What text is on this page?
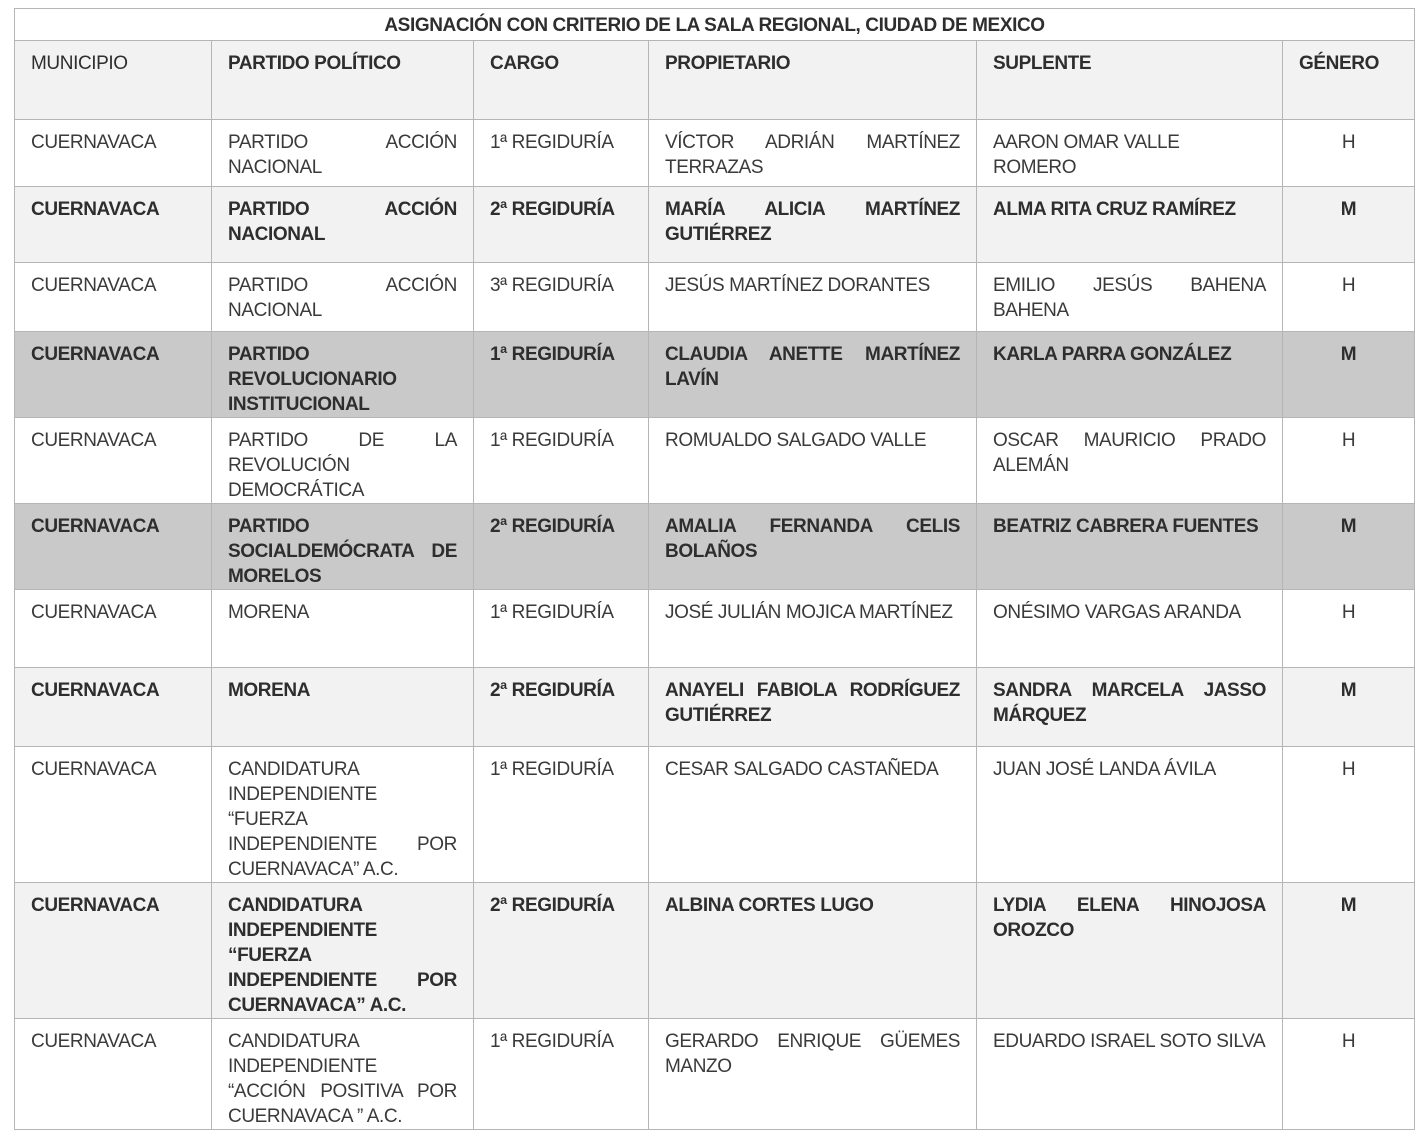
ASIGNACIÓN CON CRITERIO DE LA SALA REGIONAL, CIUDAD DE MEXICO					
MUNICIPIO	PARTIDO POLÍTICO	CARGO	PROPIETARIO	SUPLENTE	GÉNERO
CUERNAVACA	PARTIDO ACCIÓN NACIONAL	1ª REGIDURÍA	VÍCTOR ADRIÁN MARTÍNEZ TERRAZAS	AARON OMAR VALLE ROMERO	H
CUERNAVACA	PARTIDO ACCIÓN NACIONAL	2ª REGIDURÍA	MARÍA ALICIA MARTÍNEZ GUTIÉRREZ	ALMA RITA CRUZ RAMÍREZ	M
CUERNAVACA	PARTIDO ACCIÓN NACIONAL	3ª REGIDURÍA	JESÚS MARTÍNEZ DORANTES	EMILIO JESÚS BAHENA BAHENA	H
CUERNAVACA	PARTIDO REVOLUCIONARIO INSTITUCIONAL	1ª REGIDURÍA	CLAUDIA ANETTE MARTÍNEZ LAVÍN	KARLA PARRA GONZÁLEZ	M
CUERNAVACA	PARTIDO DE LA REVOLUCIÓN DEMOCRÁTICA	1ª REGIDURÍA	ROMUALDO SALGADO VALLE	OSCAR MAURICIO PRADO ALEMÁN	H
CUERNAVACA	PARTIDO SOCIALDEMÓCRATA DE MORELOS	2ª REGIDURÍA	AMALIA FERNANDA CELIS BOLAÑOS	BEATRIZ CABRERA FUENTES	M
CUERNAVACA	MORENA	1ª REGIDURÍA	JOSÉ JULIÁN MOJICA MARTÍNEZ	ONÉSIMO VARGAS ARANDA	H
CUERNAVACA	MORENA	2ª REGIDURÍA	ANAYELI FABIOLA RODRÍGUEZ GUTIÉRREZ	SANDRA MARCELA JASSO MÁRQUEZ	M
CUERNAVACA	CANDIDATURA INDEPENDIENTE “FUERZA INDEPENDIENTE POR CUERNAVACA” A.C.	1ª REGIDURÍA	CESAR SALGADO CASTAÑEDA	JUAN JOSÉ LANDA ÁVILA	H
CUERNAVACA	CANDIDATURA INDEPENDIENTE “FUERZA INDEPENDIENTE POR CUERNAVACA” A.C.	2ª REGIDURÍA	ALBINA CORTES LUGO	LYDIA ELENA HINOJOSA OROZCO	M
CUERNAVACA	CANDIDATURA INDEPENDIENTE “ACCIÓN POSITIVA POR CUERNAVACA ” A.C.	1ª REGIDURÍA	GERARDO ENRIQUE GÜEMES MANZO	EDUARDO ISRAEL SOTO SILVA	H
